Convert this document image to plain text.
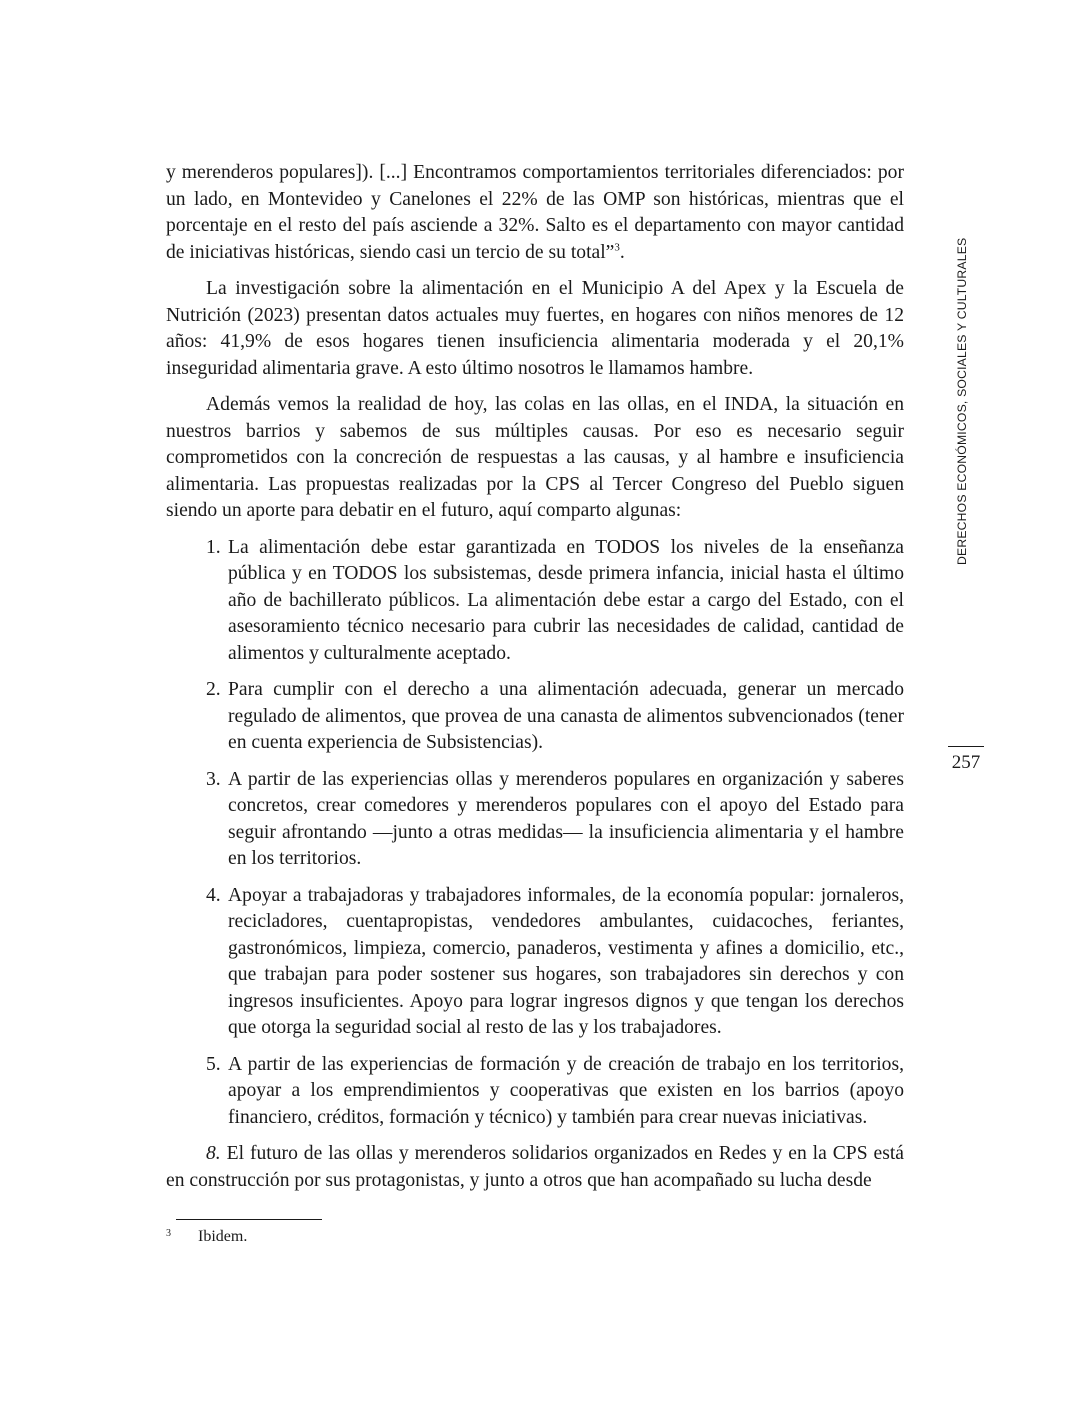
y merenderos populares]). [...] Encontramos comportamientos territoriales diferenciados: por un lado, en Montevideo y Canelones el 22% de las OMP son históricas, mientras que el porcentaje en el resto del país asciende a 32%. Salto es el departamento con mayor cantidad de iniciativas históricas, siendo casi un tercio de su total”$^3$.

La investigación sobre la alimentación en el Municipio A del Apex y la Escuela de Nutrición (2023) presentan datos actuales muy fuertes, en hogares con niños menores de 12 años: 41,9% de esos hogares tienen insuficiencia alimentaria moderada y el 20,1% inseguridad alimentaria grave. A esto último nosotros le llamamos hambre.

Además vemos la realidad de hoy, las colas en las ollas, en el INDA, la situación en nuestros barrios y sabemos de sus múltiples causas. Por eso es necesario seguir comprometidos con la concreción de respuestas a las causas, y al hambre e insuficiencia alimentaria. Las propuestas realizadas por la CPS al Tercer Congreso del Pueblo siguen siendo un aporte para debatir en el futuro, aquí comparto algunas:

1. La alimentación debe estar garantizada en TODOS los niveles de la enseñanza pública y en TODOS los subsistemas, desde primera infancia, inicial hasta el último año de bachillerato públicos. La alimentación debe estar a cargo del Estado, con el asesoramiento técnico necesario para cubrir las necesidades de calidad, cantidad de alimentos y culturalmente aceptado.
2. Para cumplir con el derecho a una alimentación adecuada, generar un mercado regulado de alimentos, que provea de una canasta de alimentos subvencionados (tener en cuenta experiencia de Subsistencias).
3. A partir de las experiencias ollas y merenderos populares en organización y saberes concretos, crear comedores y merenderos populares con el apoyo del Estado para seguir afrontando —junto a otras medidas— la insuficiencia alimentaria y el hambre en los territorios.
4. Apoyar a trabajadoras y trabajadores informales, de la economía popular: jornaleros, recicladores, cuentapropistas, vendedores ambulantes, cuidacoches, feriantes, gastronómicos, limpieza, comercio, panaderos, vestimenta y afines a domicilio, etc., que trabajan para poder sostener sus hogares, son trabajadores sin derechos y con ingresos insuficientes. Apoyo para lograr ingresos dignos y que tengan los derechos que otorga la seguridad social al resto de las y los trabajadores.
5. A partir de las experiencias de formación y de creación de trabajo en los territorios, apoyar a los emprendimientos y cooperativas que existen en los barrios (apoyo financiero, créditos, formación y técnico) y también para crear nuevas iniciativas.

8. El futuro de las ollas y merenderos solidarios organizados en Redes y en la CPS está en construcción por sus protagonistas, y junto a otros que han acompañado su lucha desde

3 Ibidem.
DERECHOS ECONÓMICOS, SOCIALES Y CULTURALES
257
